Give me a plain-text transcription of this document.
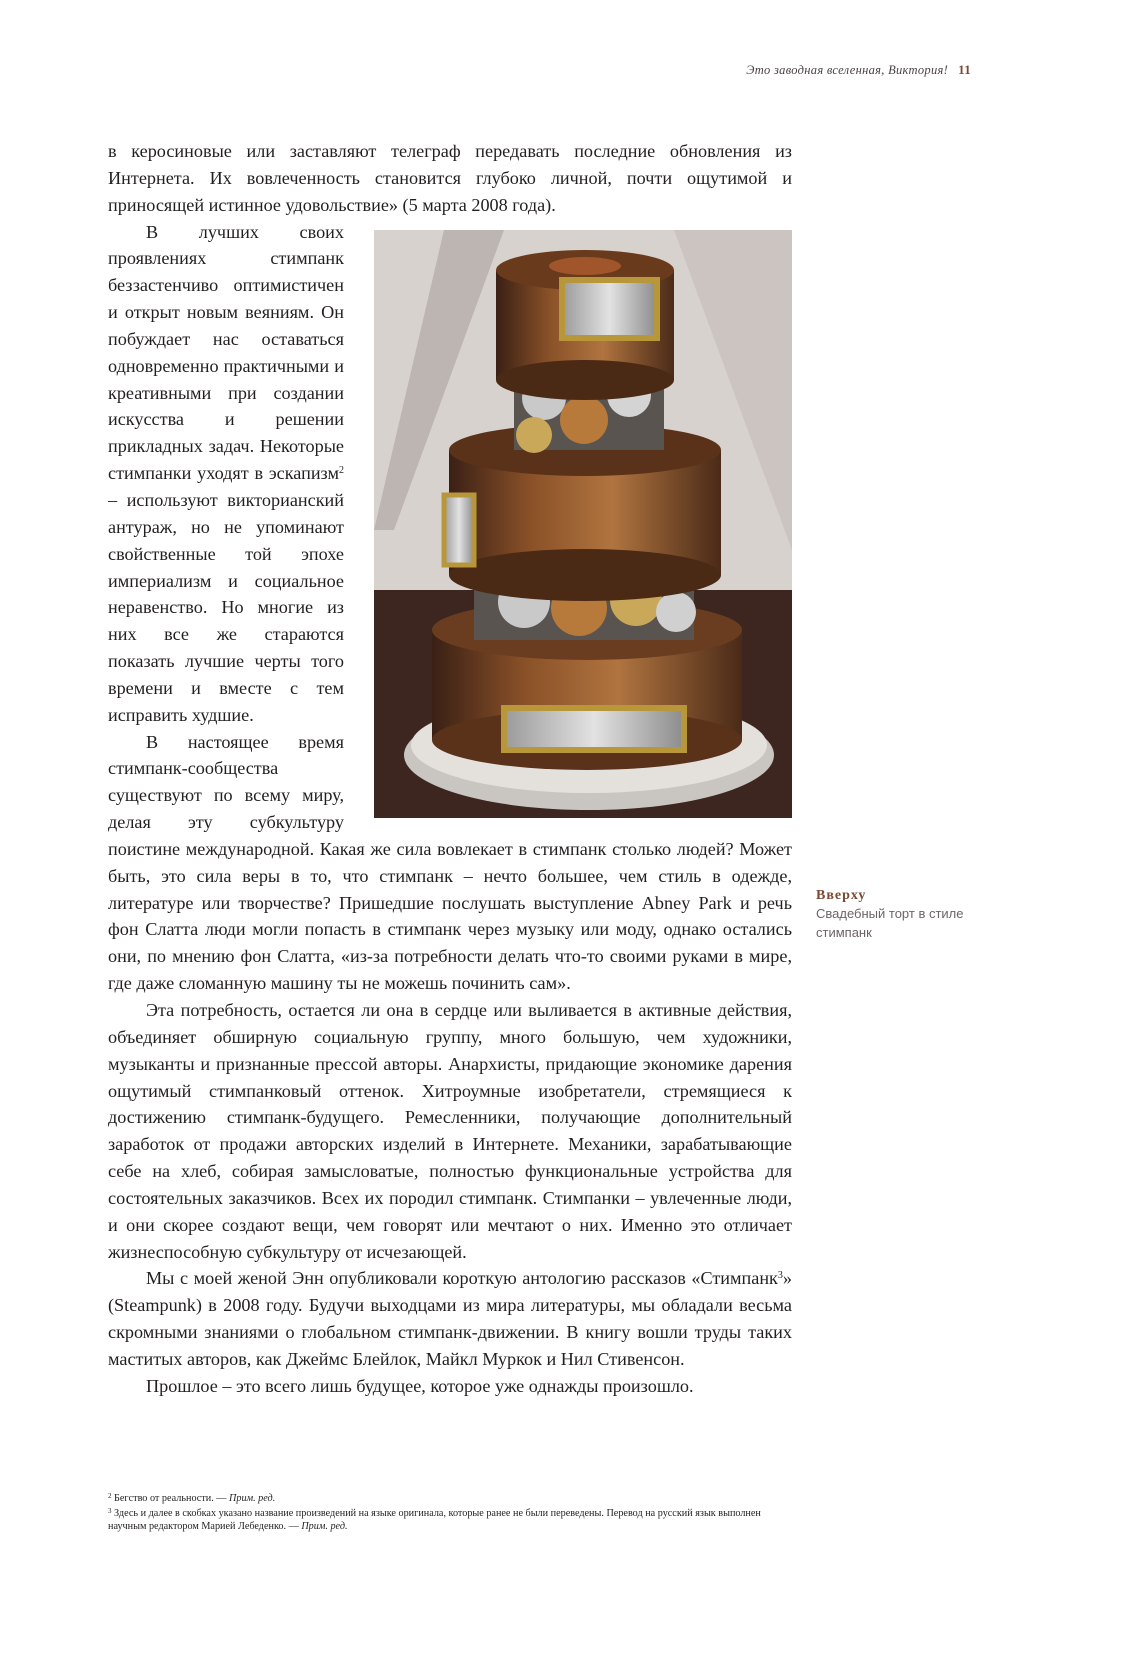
Это заводная вселенная, Виктория! 11

в керосиновые или заставляют телеграф передавать последние обновления из Интернета. Их вовлеченность становится глубоко личной, почти ощутимой и приносящей истинное удовольствие» (5 марта 2008 года).

В лучших своих проявлениях стимпанк беззастенчиво оптимистичен и открыт новым веяниям. Он побуждает нас оставаться одновременно практичными и креативными при создании искусства и решении прикладных задач. Некоторые стимпанки уходят в эскапизм$^2$ – используют викторианский антураж, но не упоминают свойственные той эпохе империализм и социальное неравенство. Но многие из них все же стараются показать лучшие черты того времени и вместе с тем исправить худшие.

В настоящее время стимпанк-сообщества существуют по всему миру, делая эту субкультуру поистине международной. Какая же сила вовлекает в стимпанк столько людей? Может быть, это сила веры в то, что стимпанк – нечто большее, чем стиль в одежде, литературе или творчестве? Пришедшие послушать выступление Abney Park и речь фон Слатта люди могли попасть в стимпанк через музыку или моду, однако остались они, по мнению фон Слатта, «из-за потребности делать что-то своими руками в мире, где даже сломанную машину ты не можешь починить сам».

Эта потребность, остается ли она в сердце или выливается в активные действия, объединяет обширную социальную группу, много большую, чем художники, музыканты и признанные прессой авторы. Анархисты, придающие экономике дарения ощутимый стимпанковый оттенок. Хитроумные изобретатели, стремящиеся к достижению стимпанк-будущего. Ремесленники, получающие дополнительный заработок от продажи авторских изделий в Интернете. Механики, зарабатывающие себе на хлеб, собирая замысловатые, полностью функциональные устройства для состоятельных заказчиков. Всех их породил стимпанк. Стимпанки – увлеченные люди, и они скорее создают вещи, чем говорят или мечтают о них. Именно это отличает жизнеспособную субкультуру от исчезающей.

Мы с моей женой Энн опубликовали короткую антологию рассказов «Стимпанк$^3$» (Steampunk) в 2008 году. Будучи выходцами из мира литературы, мы обладали весьма скромными знаниями о глобальном стимпанк-движении. В книгу вошли труды таких маститых авторов, как Джеймс Блейлок, Майкл Муркок и Нил Стивенсон.

Прошлое – это всего лишь будущее, которое уже однажды произошло.

Вверху
Свадебный торт в стиле стимпанк

$^2$ Бегство от реальности. — Прим. ред.

$^3$ Здесь и далее в скобках указано название произведений на языке оригинала, которые ранее не были переведены. Перевод на русский язык выполнен научным редактором Марией Лебеденко. — Прим. ред.
